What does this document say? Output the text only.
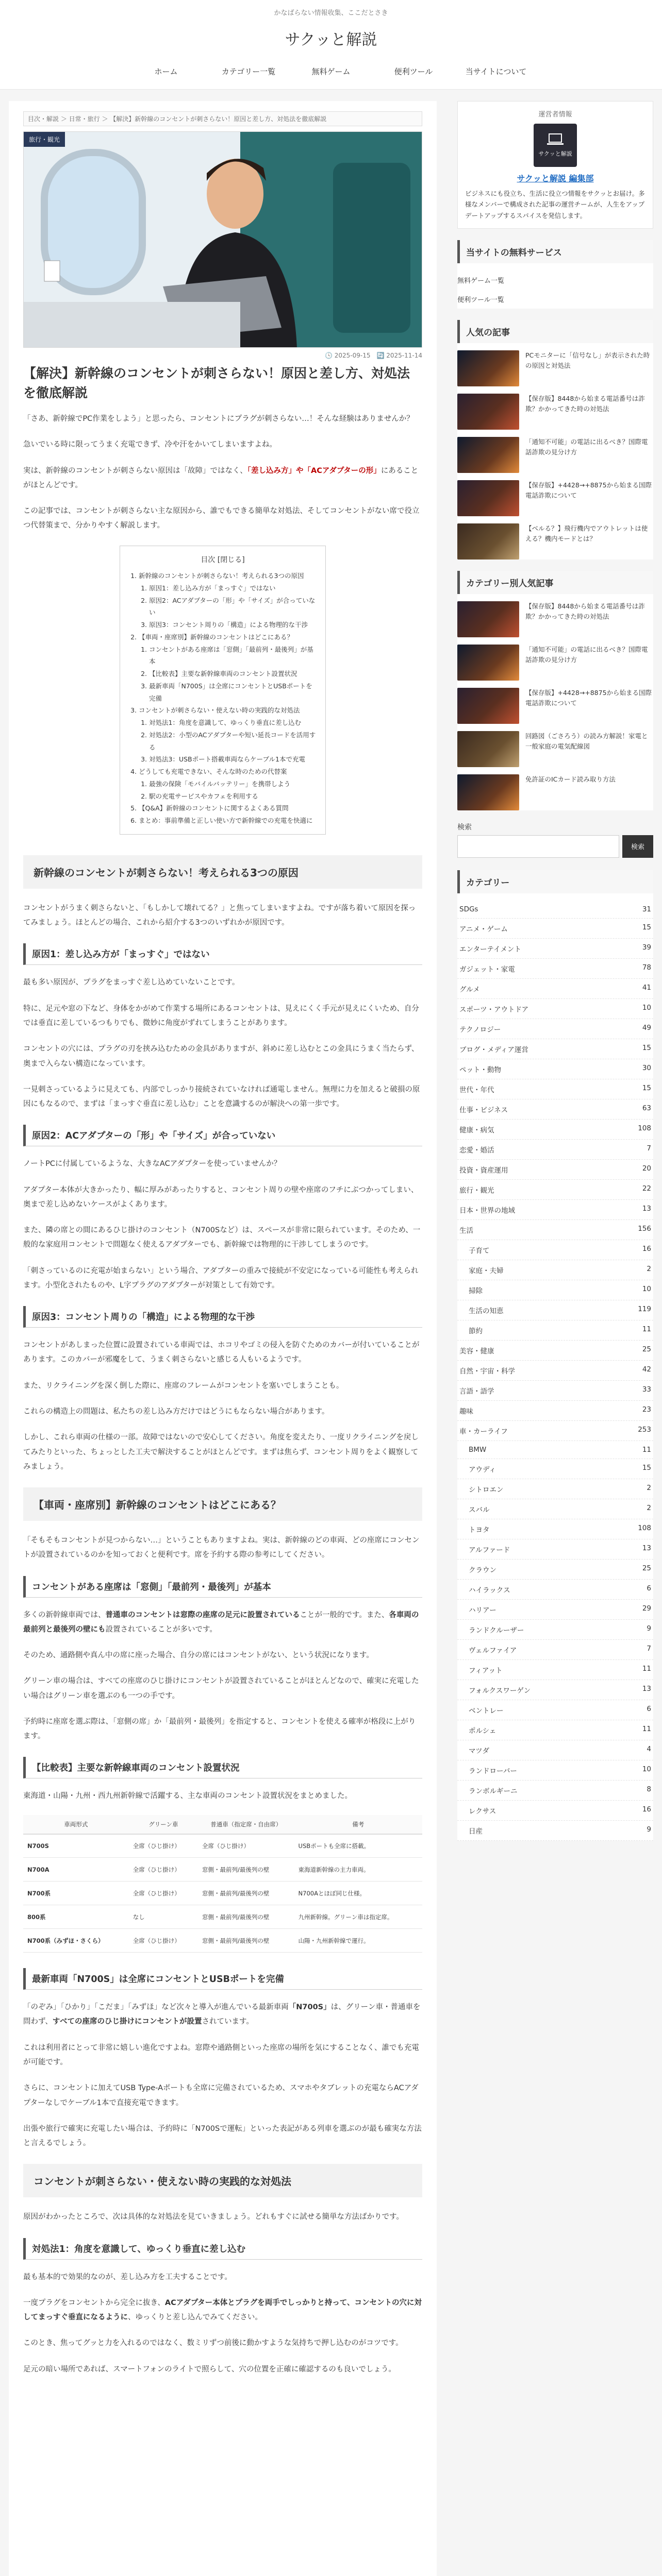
かなばらない情報收集、ここだとさき
サクッと解説
ホーム	カテゴリー一覧	無料ゲーム	便利ツール	当サイトについて
目次・解説 ＞ 日常・旅行 ＞ 【解決】新幹線のコンセントが刺さらない！原因と差し方、対処法を徹底解説
旅行・観光
🕓 2025-09-15　🔄 2025-11-14
【解決】新幹線のコンセントが刺さらない！原因と差し方、対処法を徹底解説

「さあ、新幹線でPC作業をしよう」と思ったら、コンセントにプラグが刺さらない…！そんな経験はありませんか？

急いでいる時に限ってうまく充電できず、冷や汗をかいてしまいますよね。

実は、新幹線のコンセントが刺さらない原因は「故障」ではなく、「差し込み方」や「ACアダプターの形」にあることがほとんどです。

この記事では、コンセントが刺さらない主な原因から、誰でもできる簡単な対処法、そしてコンセントがない席で役立つ代替策まで、分かりやすく解説します。

目次 [閉じる]
1. 新幹線のコンセントが刺さらない！考えられる3つの原因
1. 原因1：差し込み方が「まっすぐ」ではない
2. 原因2：ACアダプターの「形」や「サイズ」が合っていない
3. 原因3：コンセント周りの「構造」による物理的な干渉
2. 【車両・座席別】新幹線のコンセントはどこにある？
1. コンセントがある座席は「窓側」「最前列・最後列」が基本
2. 【比較表】主要な新幹線車両のコンセント設置状況
3. 最新車両「N700S」は全席にコンセントとUSBポートを完備
3. コンセントが刺さらない・使えない時の実践的な対処法
1. 対処法1：角度を意識して、ゆっくり垂直に差し込む
2. 対処法2：小型のACアダプターや短い延長コードを活用する
3. 対処法3：USBポート搭載車両ならケーブル1本で充電
4. どうしても充電できない、そんな時のための代替案
1. 最強の保険「モバイルバッテリー」を携帯しよう
2. 駅の充電サービスやカフェを利用する
5. 【Q&A】新幹線のコンセントに関するよくある質問
6. まとめ：事前準備と正しい使い方で新幹線での充電を快適に
新幹線のコンセントが刺さらない！考えられる3つの原因

コンセントがうまく刺さらないと、「もしかして壊れてる？」と焦ってしまいますよね。ですが落ち着いて原因を探ってみましょう。ほとんどの場合、これから紹介する3つのいずれかが原因です。

原因1：差し込み方が「まっすぐ」ではない

最も多い原因が、プラグをまっすぐ差し込めていないことです。

特に、足元や窓の下など、身体をかがめて作業する場所にあるコンセントは、見えにくく手元が見えにくいため、自分では垂直に差しているつもりでも、微妙に角度がずれてしまうことがあります。

コンセントの穴には、プラグの刃を挟み込むための金具がありますが、斜めに差し込むとこの金具にうまく当たらず、奥まで入らない構造になっています。

一見刺さっているように見えても、内部でしっかり接続されていなければ通電しません。無理に力を加えると破損の原因にもなるので、まずは「まっすぐ垂直に差し込む」ことを意識するのが解決への第一歩です。

原因2：ACアダプターの「形」や「サイズ」が合っていない

ノートPCに付属しているような、大きなACアダプターを使っていませんか？

アダプター本体が大きかったり、幅に厚みがあったりすると、コンセント周りの壁や座席のフチにぶつかってしまい、奥まで差し込めないケースがよくあります。

また、隣の席との間にあるひじ掛けのコンセント（N700Sなど）は、スペースが非常に限られています。そのため、一般的な家庭用コンセントで問題なく使えるアダプターでも、新幹線では物理的に干渉してしまうのです。

「刺さっているのに充電が始まらない」という場合、アダプターの重みで接続が不安定になっている可能性も考えられます。小型化されたものや、L字プラグのアダプターが対策として有効です。

原因3：コンセント周りの「構造」による物理的な干渉

コンセントがあしまった位置に設置されている車両では、ホコリやゴミの侵入を防ぐためのカバーが付いていることがあります。このカバーが邪魔をして、うまく刺さらないと感じる人もいるようです。

また、リクライニングを深く倒した際に、座席のフレームがコンセントを塞いでしまうことも。

これらの構造上の問題は、私たちの差し込み方だけではどうにもならない場合があります。

しかし、これら車両の仕様の一部。故障ではないので安心してください。角度を変えたり、一度リクライニングを戻してみたりといった、ちょっとした工夫で解決することがほとんどです。まずは焦らず、コンセント周りをよく観察してみましょう。

【車両・座席別】新幹線のコンセントはどこにある？

「そもそもコンセントが見つからない…」ということもありますよね。実は、新幹線のどの車両、どの座席にコンセントが設置されているのかを知っておくと便利です。席を予約する際の参考にしてください。

コンセントがある座席は「窓側」「最前列・最後列」が基本

多くの新幹線車両では、普通車のコンセントは窓際の座席の足元に設置されていることが一般的です。また、各車両の最前列と最後列の壁にも設置されていることが多いです。

そのため、通路側や真ん中の席に座った場合、自分の席にはコンセントがない、という状況になります。

グリーン車の場合は、すべての座席のひじ掛けにコンセントが設置されていることがほとんどなので、確実に充電したい場合はグリーン車を選ぶのも一つの手です。

予約時に座席を選ぶ際は、「窓側の席」か「最前列・最後列」を指定すると、コンセントを使える確率が格段に上がります。

【比較表】主要な新幹線車両のコンセント設置状況

東海道・山陽・九州・西九州新幹線で活躍する、主な車両のコンセント設置状況をまとめました。

車両形式	グリーン車	普通車（指定席・自由席）	備考
N700S	全席（ひじ掛け）	全席（ひじ掛け）	USBポートも全席に搭載。
N700A	全席（ひじ掛け）	窓側・最前列/最後列の壁	東海道新幹線の主力車両。
N700系	全席（ひじ掛け）	窓側・最前列/最後列の壁	N700Aとほぼ同じ仕様。
800系	なし	窓側・最前列/最後列の壁	九州新幹線。グリーン車は指定席。
N700系（みずほ・さくら）	全席（ひじ掛け）	窓側・最前列/最後列の壁	山陽・九州新幹線で運行。
最新車両「N700S」は全席にコンセントとUSBポートを完備

「のぞみ」「ひかり」「こだま」「みずほ」など次々と導入が進んでいる最新車両「N700S」は、グリーン車・普通車を問わず、すべての座席のひじ掛けにコンセントが設置されています。

これは利用者にとって非常に嬉しい進化ですよね。窓際や通路側といった座席の場所を気にすることなく、誰でも充電が可能です。

さらに、コンセントに加えてUSB Type-Aポートも全席に完備されているため、スマホやタブレットの充電ならACアダプターなしでケーブル1本で直接充電できます。

出張や旅行で確実に充電したい場合は、予約時に「N700Sで運転」といった表記がある列車を選ぶのが最も確実な方法と言えるでしょう。

コンセントが刺さらない・使えない時の実践的な対処法

原因がわかったところで、次は具体的な対処法を見ていきましょう。どれもすぐに試せる簡単な方法ばかりです。

対処法1：角度を意識して、ゆっくり垂直に差し込む

最も基本的で効果的なのが、差し込み方を工夫することです。

一度プラグをコンセントから完全に抜き、ACアダプター本体とプラグを両手でしっかりと持って、コンセントの穴に対してまっすぐ垂直になるように、ゆっくりと差し込んでみてください。

このとき、焦ってグッと力を入れるのではなく、数ミリずつ前後に動かすような気持ちで押し込むのがコツです。

足元の暗い場所であれば、スマートフォンのライトで照らして、穴の位置を正確に確認するのも良いでしょう。

運営者情報
サクッと解説
サクッと解説 編集部
ビジネスにも役立ち、生活に役立つ情報をサクッとお届け。多様なメンバーで構成された記事の運営チームが、人生をアップデートアップするスパイスを発信します。
当サイトの無料サービス
無料ゲーム一覧
便利ツール一覧
人気の記事
PCモニターに「信号なし」が表示された時の原因と対処法
【保存版】8448から始まる電話番号は詐欺？かかってきた時の対処法
「通知不可能」の電話に出るべき？国際電話詐欺の見分け方
【保存版】+4428→+8875から始まる国際電話詐欺について
【ベルる？】飛行機内でアウトレットは使える？機内モードとは？
カテゴリー別人気記事
【保存版】8448から始まる電話番号は詐欺？かかってきた時の対処法
「通知不可能」の電話に出るべき？国際電話詐欺の見分け方
【保存版】+4428→+8875から始まる国際電話詐欺について
回路図（ごさろう）の読み方解説！家電と一般家庭の電気配線図
免許証のICカード読み取り方法
検索
検索
カテゴリー
SDGs	31
アニメ・ゲーム	15
エンターテイメント	39
ガジェット・家電	78
グルメ	41
スポーツ・アウトドア	10
テクノロジー	49
ブログ・メディア運営	15
ペット・動物	30
世代・年代	15
仕事・ビジネス	63
健康・病気	108
恋愛・婚活	7
投資・資産運用	20
旅行・観光	22
日本・世界の地域	13
生活	156
子育て	16
家庭・夫婦	2
掃除	10
生活の知恵	119
節約	11
美容・健康	25
自然・宇宙・科学	42
言語・語学	33
趣味	23
車・カーライフ	253
BMW	11
アウディ	15
シトロエン	2
スバル	2
トヨタ	108
アルファード	13
クラウン	25
ハイラックス	6
ハリアー	29
ランドクルーザー	9
ヴェルファイア	7
フィアット	11
フォルクスワーゲン	13
ベントレー	6
ポルシェ	11
マツダ	4
ランドローバー	10
ランボルギーニ	8
レクサス	16
日産	9
